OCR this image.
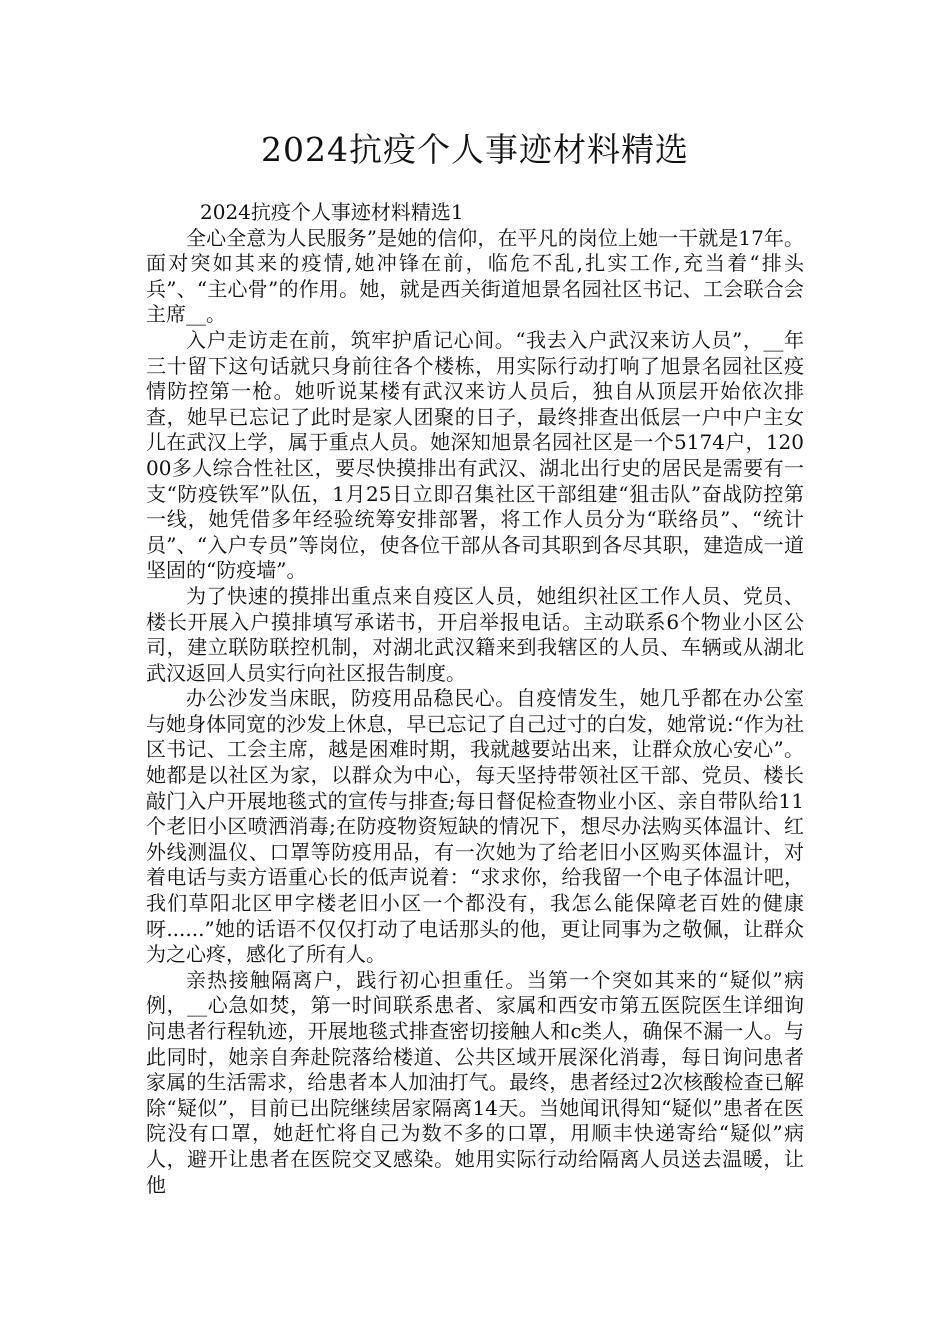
2024抗疫个人事迹材料精选

2024抗疫个人事迹材料精选1

全心全意为人民服务”是她的信仰，在平凡的岗位上她一干就是17年。面对突如其来的疫情,她冲锋在前，临危不乱,扎实工作,充当着“排头兵”、“主心骨”的作用。她，就是西关街道旭景名园社区书记、工会联合会主席__。

入户走访走在前，筑牢护盾记心间。“我去入户武汉来访人员”，__年三十留下这句话就只身前往各个楼栋，用实际行动打响了旭景名园社区疫情防控第一枪。她听说某楼有武汉来访人员后，独自从顶层开始依次排查，她早已忘记了此时是家人团聚的日子，最终排查出低层一户中户主女儿在武汉上学，属于重点人员。她深知旭景名园社区是一个5174户，12000多人综合性社区，要尽快摸排出有武汉、湖北出行史的居民是需要有一支“防疫铁军”队伍，1月25日立即召集社区干部组建“狙击队”奋战防控第一线，她凭借多年经验统筹安排部署，将工作人员分为“联络员”、“统计员”、“入户专员”等岗位，使各位干部从各司其职到各尽其职，建造成一道坚固的“防疫墙”。

为了快速的摸排出重点来自疫区人员，她组织社区工作人员、党员、楼长开展入户摸排填写承诺书，开启举报电话。主动联系6个物业小区公司，建立联防联控机制，对湖北武汉籍来到我辖区的人员、车辆或从湖北武汉返回人员实行向社区报告制度。

办公沙发当床眠，防疫用品稳民心。自疫情发生，她几乎都在办公室与她身体同宽的沙发上休息，早已忘记了自己过寸的白发，她常说:“作为社区书记、工会主席，越是困难时期，我就越要站出来，让群众放心安心”。她都是以社区为家，以群众为中心，每天坚持带领社区干部、党员、楼长敲门入户开展地毯式的宣传与排查;每日督促检查物业小区、亲自带队给11个老旧小区喷洒消毒;在防疫物资短缺的情况下，想尽办法购买体温计、红外线测温仪、口罩等防疫用品，有一次她为了给老旧小区购买体温计，对着电话与卖方语重心长的低声说着：“求求你，给我留一个电子体温计吧，我们草阳北区甲字楼老旧小区一个都没有，我怎么能保障老百姓的健康呀......”她的话语不仅仅打动了电话那头的他，更让同事为之敬佩，让群众为之心疼，感化了所有人。

亲热接触隔离户，践行初心担重任。当第一个突如其来的“疑似”病例，__心急如焚，第一时间联系患者、家属和西安市第五医院医生详细询问患者行程轨迹，开展地毯式排查密切接触人和c类人，确保不漏一人。与此同时，她亲自奔赴院落给楼道、公共区域开展深化消毒，每日询问患者家属的生活需求，给患者本人加油打气。最终，患者经过2次核酸检查已解除“疑似”，目前已出院继续居家隔离14天。当她闻讯得知“疑似”患者在医院没有口罩，她赶忙将自己为数不多的口罩，用顺丰快递寄给“疑似”病人，避开让患者在医院交叉感染。她用实际行动给隔离人员送去温暖，让他
